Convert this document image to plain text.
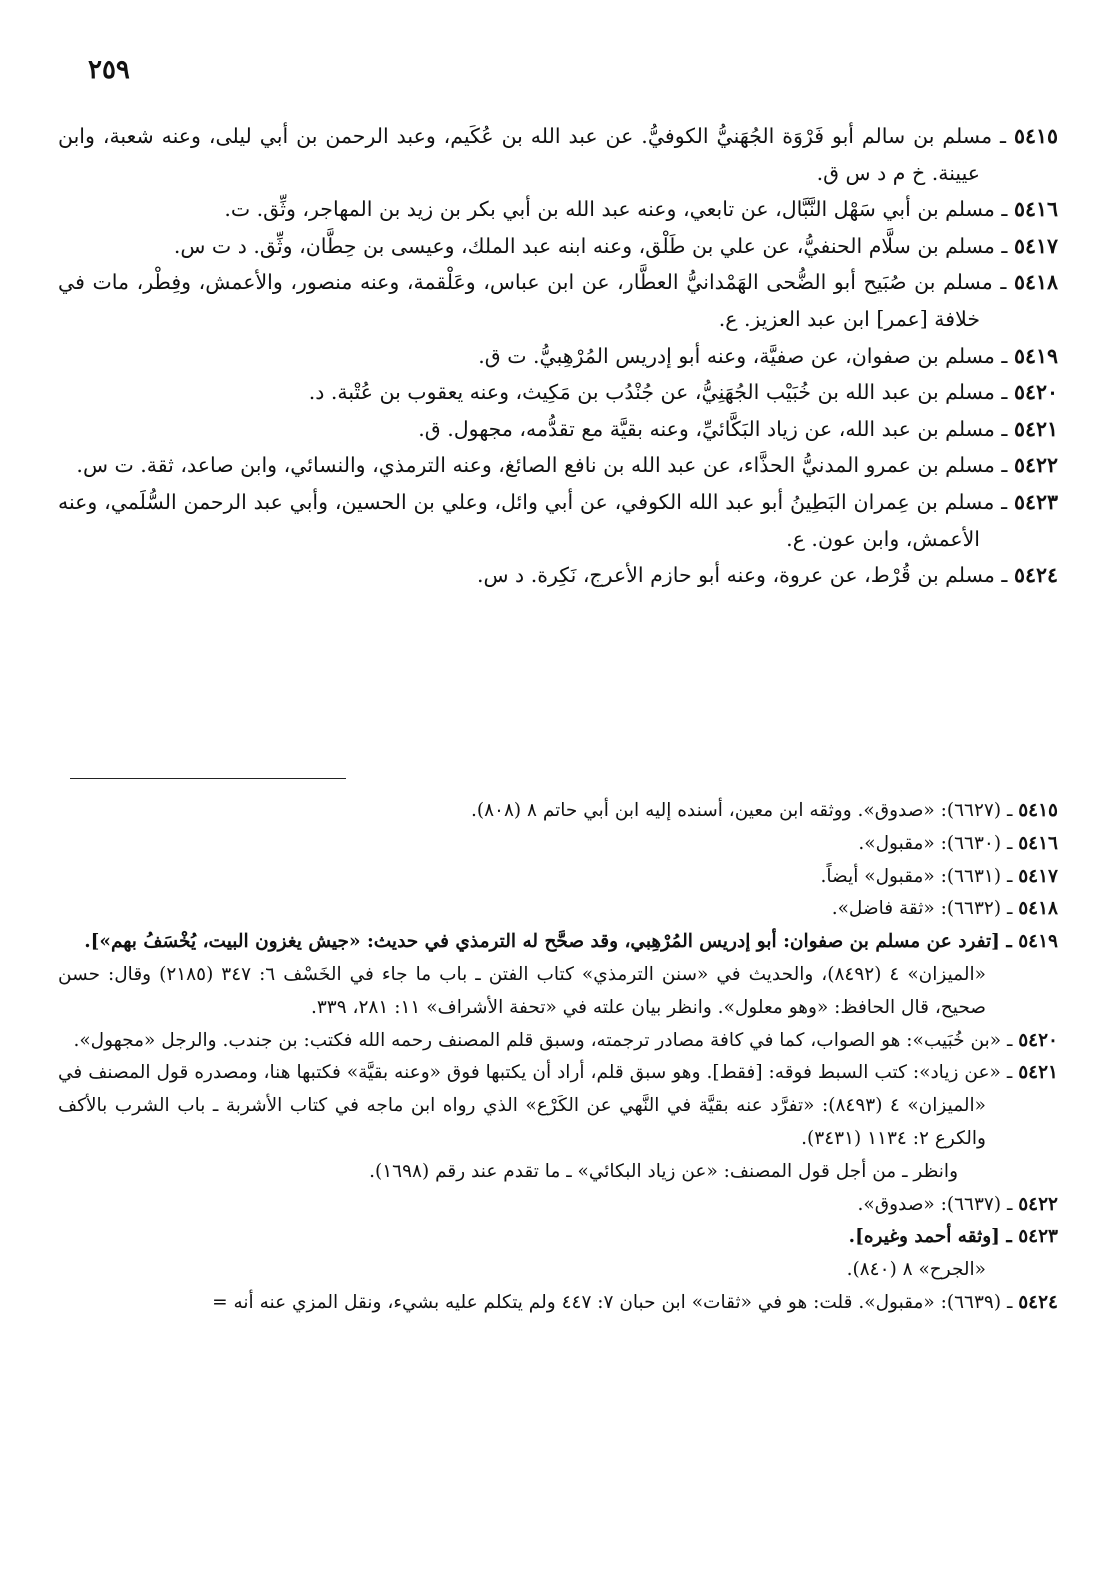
٢٥٩

٥٤١٥ ـ مسلم بن سالم أبو فَرْوَة الجُهَنيُّ الكوفيُّ. عن عبد الله بن عُكَيم، وعبد الرحمن بن أبي ليلى، وعنه شعبة، وابن عيينة. خ م د س ق.

٥٤١٦ ـ مسلم بن أبي سَهْل النَّبَّال، عن تابعي، وعنه عبد الله بن أبي بكر بن زيد بن المهاجر، وثِّق. ت.

٥٤١٧ ـ مسلم بن سلَّام الحنفيُّ، عن علي بن طَلْق، وعنه ابنه عبد الملك، وعيسى بن حِطَّان، وثِّق. د ت س.

٥٤١٨ ـ مسلم بن صُبَيح أبو الضُّحى الهَمْدانيُّ العطَّار، عن ابن عباس، وعَلْقمة، وعنه منصور، والأعمش، وفِطْر، مات في خلافة [عمر] ابن عبد العزيز. ع.

٥٤١٩ ـ مسلم بن صفوان، عن صفيَّة، وعنه أبو إدريس المُرْهِبيُّ. ت ق.

٥٤٢٠ ـ مسلم بن عبد الله بن خُبَيْب الجُهَنِيُّ، عن جُنْدُب بن مَكِيث، وعنه يعقوب بن عُتْبة. د.

٥٤٢١ ـ مسلم بن عبد الله، عن زياد البَكَّائيِّ، وعنه بقيَّة مع تقدُّمه، مجهول. ق.

٥٤٢٢ ـ مسلم بن عمرو المدنيُّ الحذَّاء، عن عبد الله بن نافع الصائغ، وعنه الترمذي، والنسائي، وابن صاعد، ثقة. ت س.

٥٤٢٣ ـ مسلم بن عِمران البَطِينُ أبو عبد الله الكوفي، عن أبي وائل، وعلي بن الحسين، وأبي عبد الرحمن السُّلَمي، وعنه الأعمش، وابن عون. ع.

٥٤٢٤ ـ مسلم بن قُرْط، عن عروة، وعنه أبو حازم الأعرج، نَكِرة. د س.

٥٤١٥ ـ (٦٦٢٧): «صدوق». ووثقه ابن معين، أسنده إليه ابن أبي حاتم ٨ (٨٠٨).

٥٤١٦ ـ (٦٦٣٠): «مقبول».

٥٤١٧ ـ (٦٦٣١): «مقبول» أيضاً.

٥٤١٨ ـ (٦٦٣٢): «ثقة فاضل».

٥٤١٩ ـ [تفرد عن مسلم بن صفوان: أبو إدريس المُرْهِبي، وقد صحَّح له الترمذي في حديث: «جيش يغزون البيت، يُخْسَفُ بهم»].

«الميزان» ٤ (٨٤٩٢)، والحديث في «سنن الترمذي» كتاب الفتن ـ باب ما جاء في الخَسْف ٦: ٣٤٧ (٢١٨٥) وقال: حسن صحيح، قال الحافظ: «وهو معلول». وانظر بيان علته في «تحفة الأشراف» ١١: ٢٨١، ٣٣٩.

٥٤٢٠ ـ «بن خُبَيب»: هو الصواب، كما في كافة مصادر ترجمته، وسبق قلم المصنف رحمه الله فكتب: بن جندب. والرجل «مجهول».

٥٤٢١ ـ «عن زياد»: كتب السبط فوقه: [فقط]. وهو سبق قلم، أراد أن يكتبها فوق «وعنه بقيَّة» فكتبها هنا، ومصدره قول المصنف في «الميزان» ٤ (٨٤٩٣): «تفرَّد عنه بقيَّة في النَّهي عن الكَرْع» الذي رواه ابن ماجه في كتاب الأشربة ـ باب الشرب بالأكف والكرع ٢: ١١٣٤ (٣٤٣١).

وانظر ـ من أجل قول المصنف: «عن زياد البكائي» ـ ما تقدم عند رقم (١٦٩٨).

٥٤٢٢ ـ (٦٦٣٧): «صدوق».

٥٤٢٣ ـ [وثقه أحمد وغيره].

«الجرح» ٨ (٨٤٠).

٥٤٢٤ ـ (٦٦٣٩): «مقبول». قلت: هو في «ثقات» ابن حبان ٧: ٤٤٧ ولم يتكلم عليه بشيء، ونقل المزي عنه أنه =
